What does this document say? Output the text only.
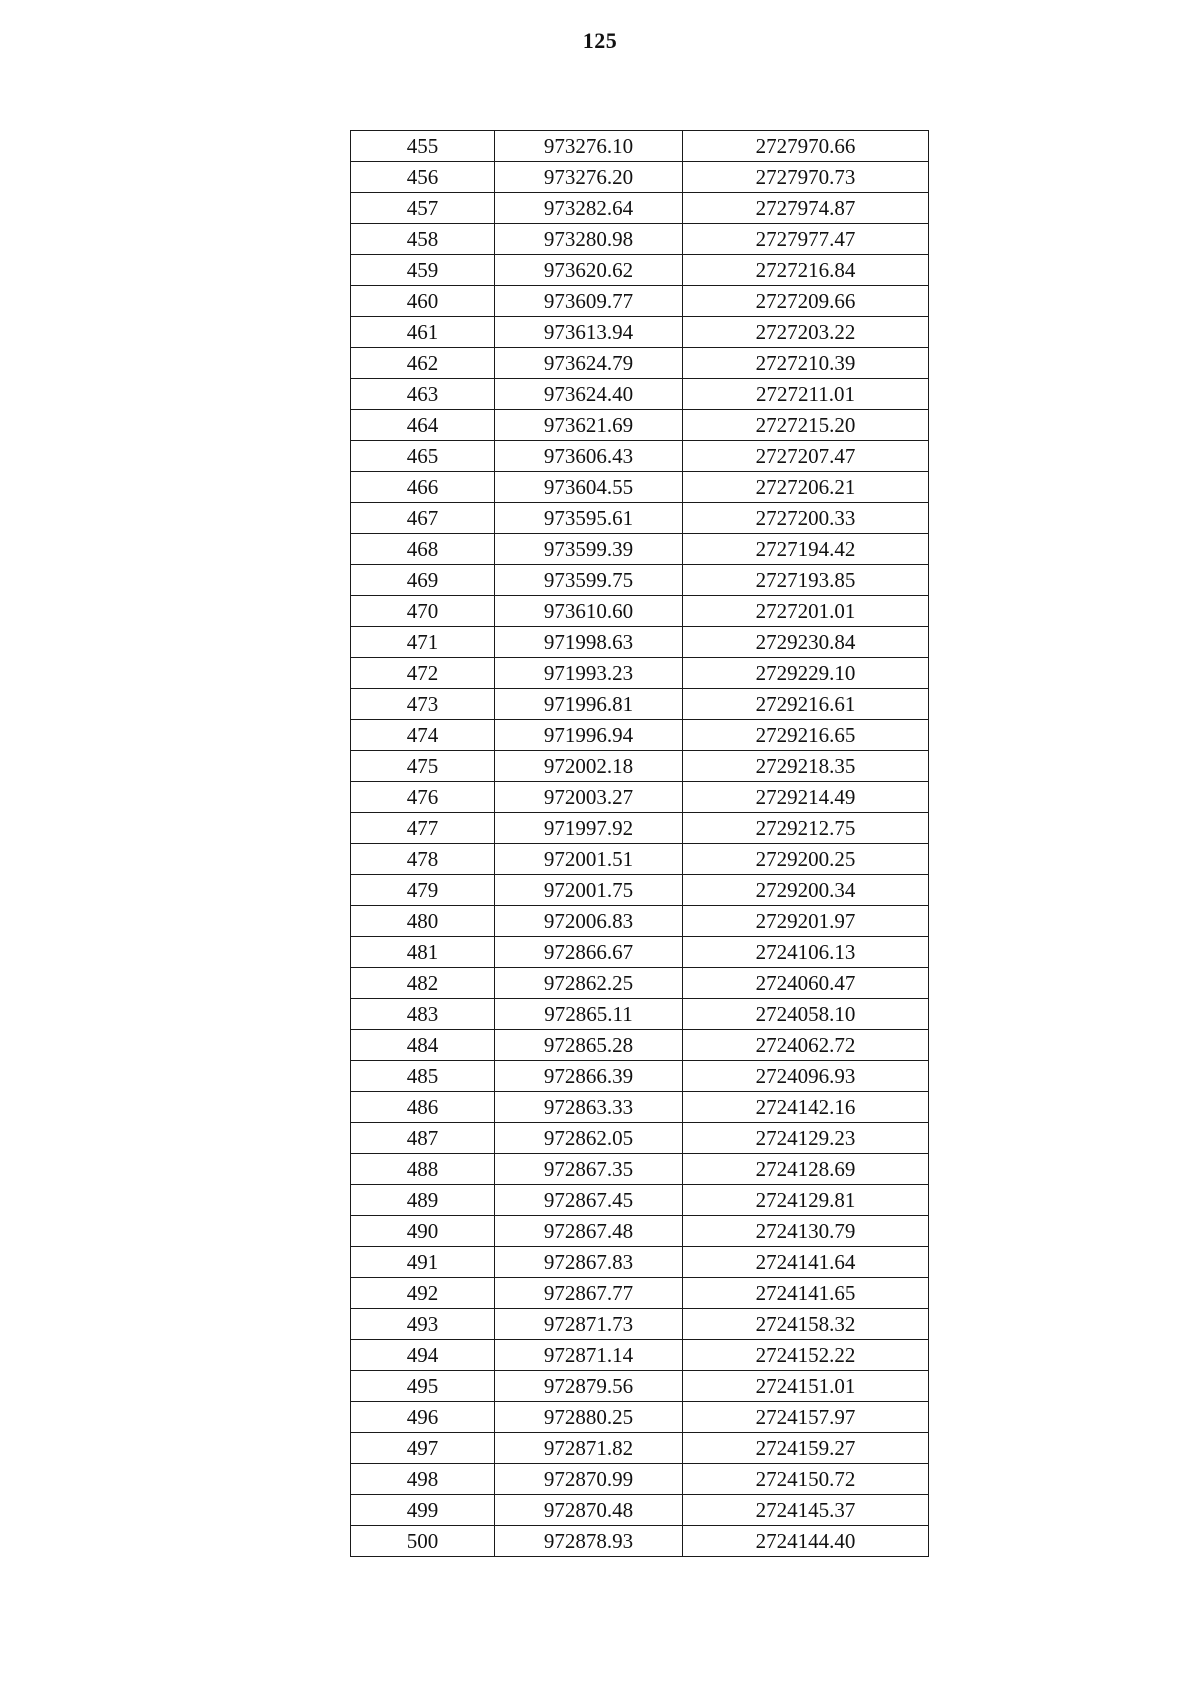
125
455	973276.10	2727970.66
456	973276.20	2727970.73
457	973282.64	2727974.87
458	973280.98	2727977.47
459	973620.62	2727216.84
460	973609.77	2727209.66
461	973613.94	2727203.22
462	973624.79	2727210.39
463	973624.40	2727211.01
464	973621.69	2727215.20
465	973606.43	2727207.47
466	973604.55	2727206.21
467	973595.61	2727200.33
468	973599.39	2727194.42
469	973599.75	2727193.85
470	973610.60	2727201.01
471	971998.63	2729230.84
472	971993.23	2729229.10
473	971996.81	2729216.61
474	971996.94	2729216.65
475	972002.18	2729218.35
476	972003.27	2729214.49
477	971997.92	2729212.75
478	972001.51	2729200.25
479	972001.75	2729200.34
480	972006.83	2729201.97
481	972866.67	2724106.13
482	972862.25	2724060.47
483	972865.11	2724058.10
484	972865.28	2724062.72
485	972866.39	2724096.93
486	972863.33	2724142.16
487	972862.05	2724129.23
488	972867.35	2724128.69
489	972867.45	2724129.81
490	972867.48	2724130.79
491	972867.83	2724141.64
492	972867.77	2724141.65
493	972871.73	2724158.32
494	972871.14	2724152.22
495	972879.56	2724151.01
496	972880.25	2724157.97
497	972871.82	2724159.27
498	972870.99	2724150.72
499	972870.48	2724145.37
500	972878.93	2724144.40
